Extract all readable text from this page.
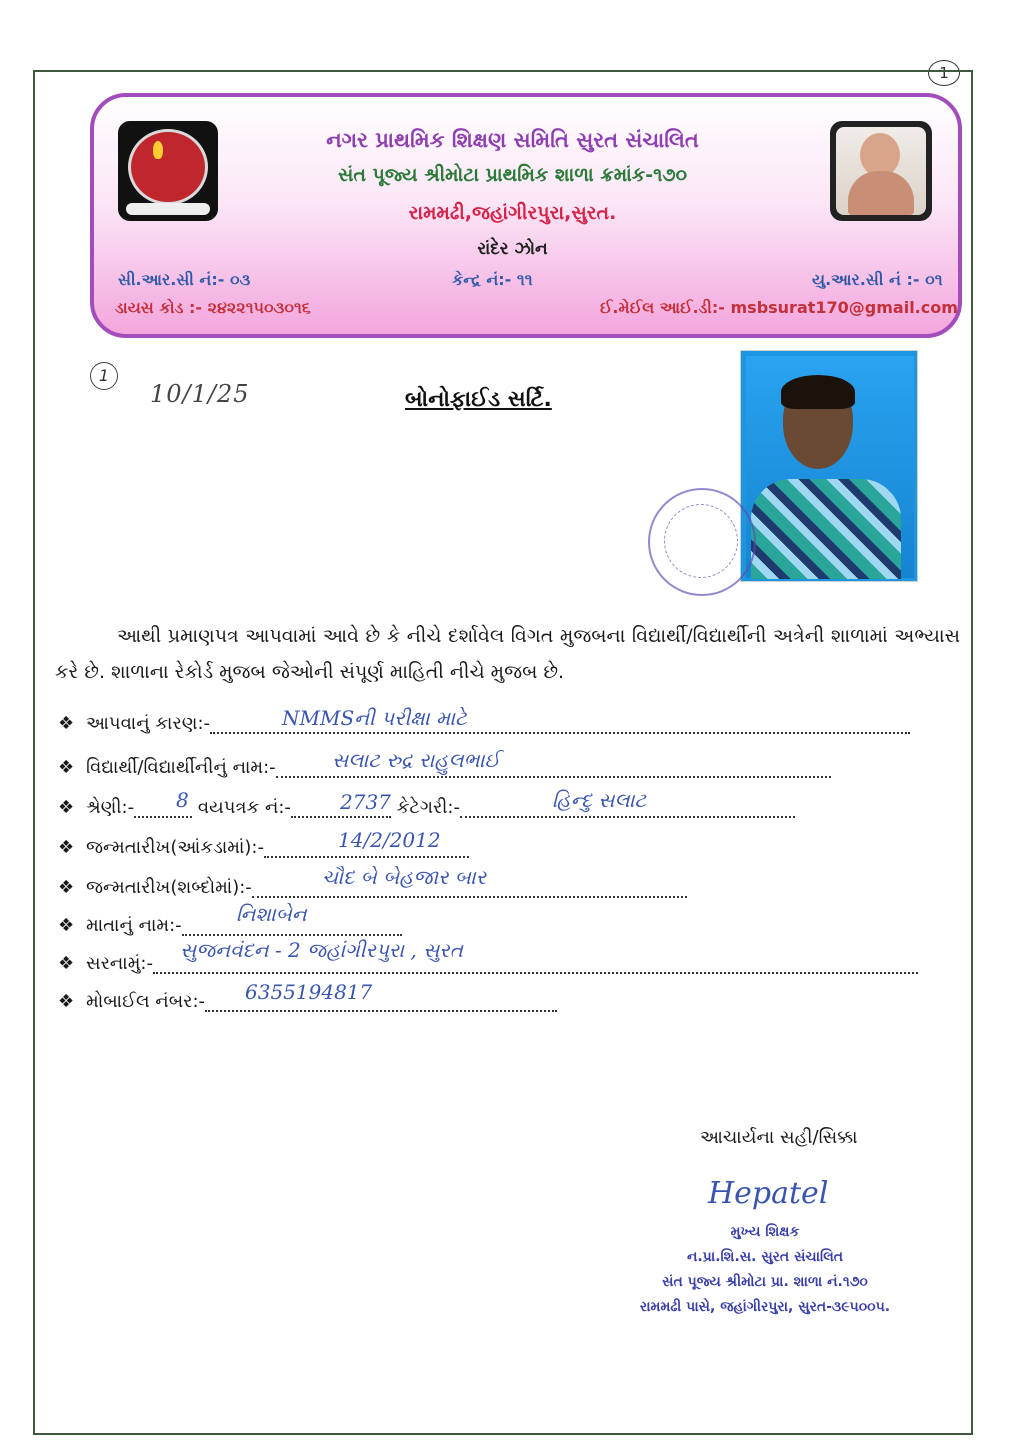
1
નગર પ્રાથમિક શિક્ષણ સમિતિ સુરત સંચાલિત
સંત પૂજ્ય શ્રીમોટા પ્રાથમિક શાળા ક્રમાંક-૧૭૦
રામમઢી,જહાંગીરપુરા,સુરત.
રાંદેર ઝોન
સી.આર.સી નં:- ૦૩	કેન્દ્ર નં:- ૧૧	યુ.આર.સી નં :- ૦૧
ડાયસ કોડ :- ૨૪૨૨૧૫૦૩૦૧૬	ઈ.મેઈલ આઈ.ડી:- msbsurat170@gmail.com
1
10/1/25	બોનોફાઈડ સર્ટિ.
આથી પ્રમાણપત્ર આપવામાં આવે છે કે નીચે દર્શાવેલ વિગત મુજબના વિદ્યાર્થી/વિદ્યાર્થીની અત્રેની શાળામાં અભ્યાસ કરે છે. શાળાના રેકોર્ડ મુજબ જેઓની સંપૂર્ણ માહિતી નીચે મુજબ છે.
❖ આપવાનું કારણ:-	NMMSની પરીક્ષા માટે
❖ વિદ્યાર્થી/વિદ્યાર્થીનીનું નામ:-	સલાટ રુદ્ર રાહુલભાઈ
❖ શ્રેણી:-	વયપત્રક નં:-	કેટેગરી:-
8	2737	હિન્દુ સલાટ
❖ જન્મતારીખ(આંકડામાં):-	14/2/2012
❖ જન્મતારીખ(શબ્દોમાં):-	ચૌદ બે બેહજાર બાર
❖ માતાનું નામ:-	નિશાબેન
❖ સરનામું:-
સુજનવંદન - 2 જહાંગીરપુરા , સુરત
❖ મોબાઈલ નંબર:-	6355194817
આચાર્યના સહી/સિક્કા
Hepatel
મુખ્ય શિક્ષક
ન.પ્રા.શિ.સ. સુરત સંચાલિત
સંત પૂજ્ય શ્રીમોટા પ્રા. શાળા નં.૧૭૦
રામમઢી પાસે, જહાંગીરપુરા, સુરત-૩૯૫૦૦૫.
